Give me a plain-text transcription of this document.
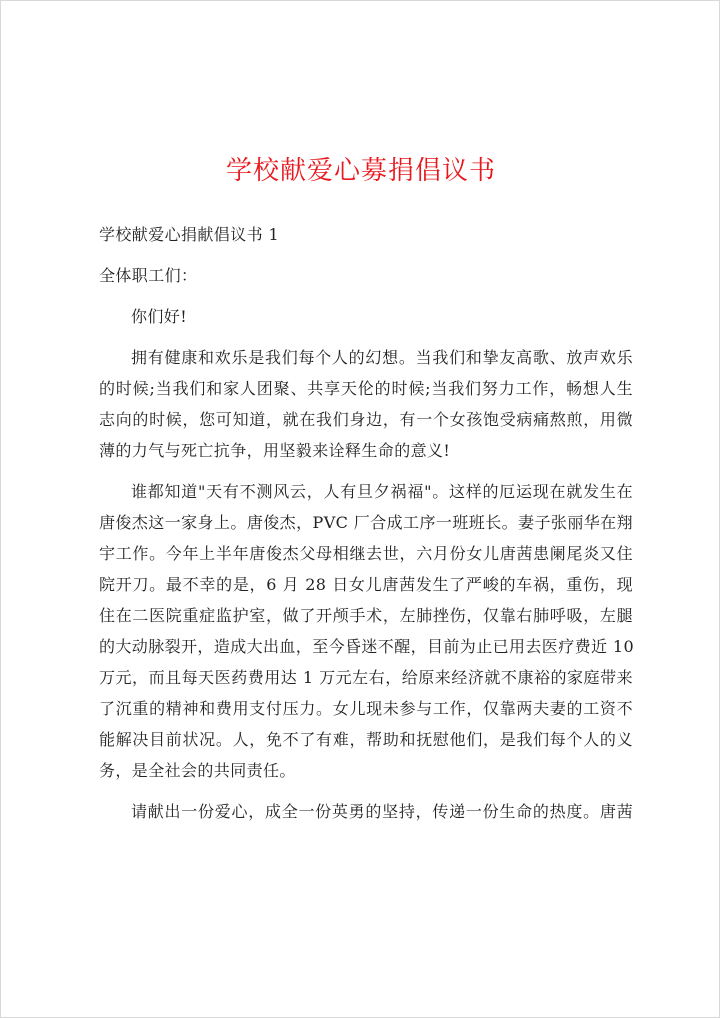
学校献爱心募捐倡议书
学校献爱心捐献倡议书 1
全体职工们：
你们好!
拥有健康和欢乐是我们每个人的幻想。当我们和挚友高歌、放声欢乐
的时候;当我们和家人团聚、共享天伦的时候;当我们努力工作，畅想人生
志向的时候，您可知道，就在我们身边，有一个女孩饱受病痛熬煎，用微
薄的力气与死亡抗争，用坚毅来诠释生命的意义!
谁都知道"天有不测风云，人有旦夕祸福"。这样的厄运现在就发生在
唐俊杰这一家身上。唐俊杰，PVC 厂合成工序一班班长。妻子张丽华在翔
宇工作。今年上半年唐俊杰父母相继去世，六月份女儿唐茜患阑尾炎又住
院开刀。最不幸的是，6 月 28 日女儿唐茜发生了严峻的车祸，重伤，现
住在二医院重症监护室，做了开颅手术，左肺挫伤，仅靠右肺呼吸，左腿
的大动脉裂开，造成大出血，至今昏迷不醒，目前为止已用去医疗费近 10
万元，而且每天医药费用达 1 万元左右，给原来经济就不康裕的家庭带来
了沉重的精神和费用支付压力。女儿现未参与工作，仅靠两夫妻的工资不
能解决目前状况。人，免不了有难，帮助和抚慰他们，是我们每个人的义
务，是全社会的共同责任。
请献出一份爱心，成全一份英勇的坚持，传递一份生命的热度。唐茜
